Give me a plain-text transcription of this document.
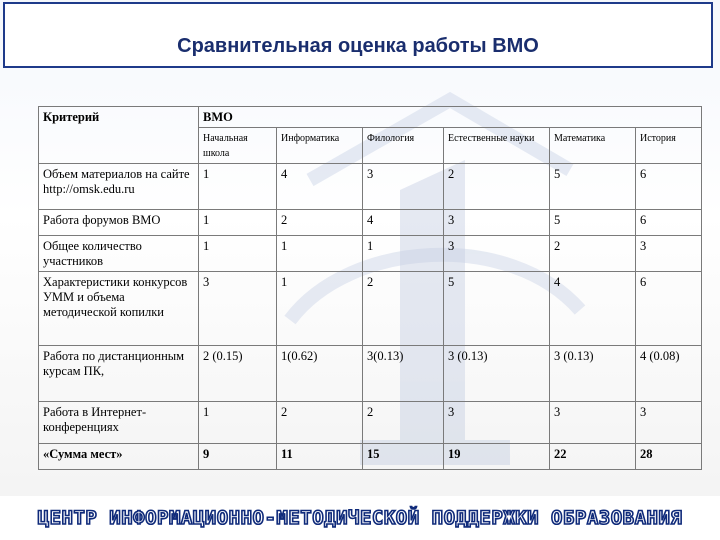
Сравнительная оценка работы ВМО
Критерий	ВМО					
	Начальная школа	Информатика	Филология	Естественные науки	Математика	История
Объем материалов на сайте http://omsk.edu.ru	1	4	3	2	5	6
Работа форумов ВМО	1	2	4	3	5	6
Общее количество участников	1	1	1	3	2	3
Характеристики конкурсов УММ и объема методической копилки	3	1	2	5	4	6
Работа по дистанционным курсам ПК,	2 (0.15)	1(0.62)	3(0.13)	3 (0.13)	3 (0.13)	4 (0.08)
Работа в Интернет-конференциях	1	2	2	3	3	3
«Сумма мест»	9	11	15	19	22	28
ЦЕНТР ИНФОРМАЦИОННО-МЕТОДИЧЕСКОЙ ПОДДЕРЖКИ ОБРАЗОВАНИЯ
